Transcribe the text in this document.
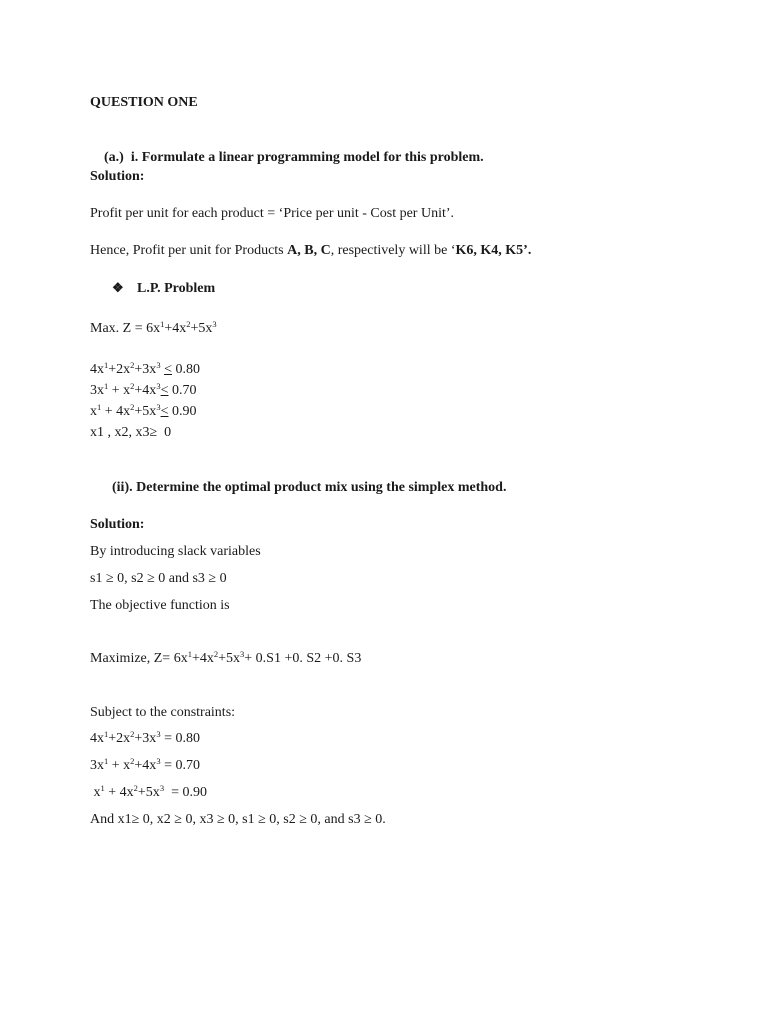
QUESTION ONE

(a.)  i. Formulate a linear programming model for this problem.

Solution:
Profit per unit for each product = ‘Price per unit - Cost per Unit’.
Hence, Profit per unit for Products A, B, C, respectively will be ‘K6, K4, K5’.
❖ L.P. Problem
Max. $Z = 6x^1+4x^2+5x^3$
$4x^1+2x^2+3x^3 < 0.80$
$3x^1 + x^2+4x^3< 0.70$
$x^1 + 4x^2+5x^3< 0.90$
x1 , x2, x3≥  0
(ii). Determine the optimal product mix using the simplex method.
Solution:
By introducing slack variables
s1 ≥ 0, s2 ≥ 0 and s3 ≥ 0
The objective function is
Maximize, $Z= 6x^1+4x^2+5x^3+ 0.S1 +0$. S2 +0. S3
Subject to the constraints:
$4x^1+2x^2+3x^3 = 0.80$
$3x^1 + x^2+4x^3 = 0.70$
$x^1 + 4x^2+5x^3 = 0.90$
And x1≥ 0, x2 ≥ 0, x3 ≥ 0, s1 ≥ 0, s2 ≥ 0, and s3 ≥ 0.
